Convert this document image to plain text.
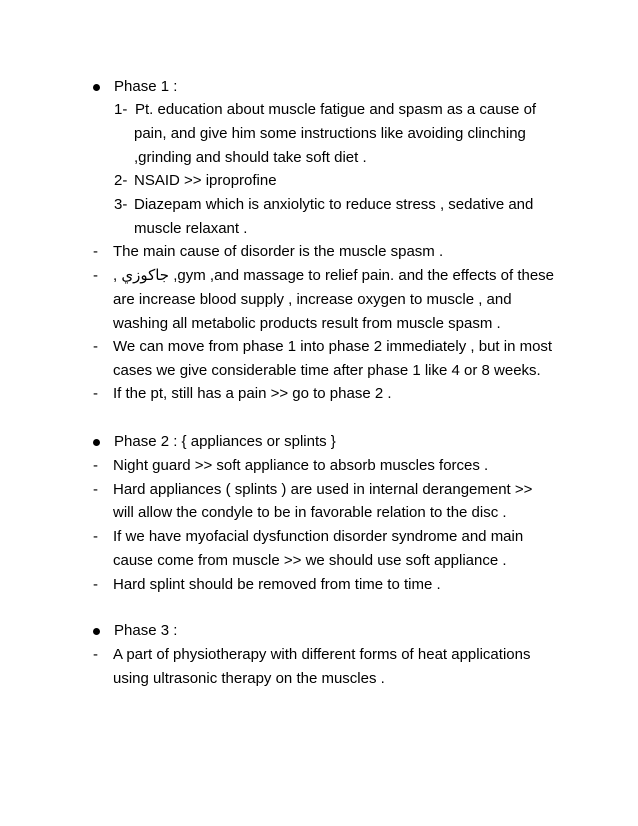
Phase 1 :
1- Pt. education about muscle fatigue and spasm as a cause of
pain, and give him some instructions like avoiding clinching
,grinding and should take soft diet .
2- NSAID >> iproprofine
3- Diazepam which is anxiolytic to reduce stress , sedative and
muscle relaxant .
- The main cause of disorder is the muscle spasm .
- , جاكوزي ,gym ,and massage to relief pain. and the effects of these
are increase blood supply , increase oxygen to muscle , and
washing all metabolic products result from muscle spasm .
- We can move from phase 1 into phase 2 immediately , but in most
cases we give considerable time after phase 1 like 4 or 8 weeks.
- If the pt, still has a pain >> go to phase 2 .
Phase 2 : { appliances or splints }
- Night guard >> soft appliance to absorb muscles forces .
- Hard appliances ( splints ) are used in internal derangement >>
will allow the condyle to be in favorable relation to the disc .
- If we have myofacial dysfunction disorder syndrome and main
cause come from muscle >> we should use soft appliance .
- Hard splint should be removed from time to time .
Phase 3 :
- A part of physiotherapy with different forms of heat applications
using ultrasonic therapy on the muscles .
